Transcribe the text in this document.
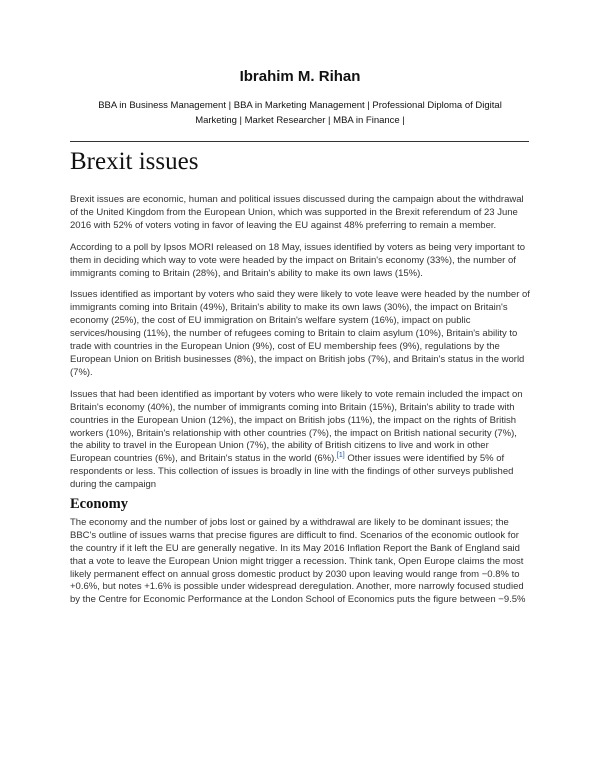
Ibrahim M. Rihan
BBA in Business Management | BBA in Marketing Management | Professional Diploma of Digital Marketing | Market Researcher | MBA in Finance |
Brexit issues

Brexit issues are economic, human and political issues discussed during the campaign about the withdrawal of the United Kingdom from the European Union, which was supported in the Brexit referendum of 23 June 2016 with 52% of voters voting in favor of leaving the EU against 48% preferring to remain a member.

According to a poll by Ipsos MORI released on 18 May, issues identified by voters as being very important to them in deciding which way to vote were headed by the impact on Britain's economy (33%), the number of immigrants coming to Britain (28%), and Britain's ability to make its own laws (15%).

Issues identified as important by voters who said they were likely to vote leave were headed by the number of immigrants coming into Britain (49%), Britain's ability to make its own laws (30%), the impact on Britain's economy (25%), the cost of EU immigration on Britain's welfare system (16%), impact on public services/housing (11%), the number of refugees coming to Britain to claim asylum (10%), Britain's ability to trade with countries in the European Union (9%), cost of EU membership fees (9%), regulations by the European Union on British businesses (8%), the impact on British jobs (7%), and Britain's status in the world (7%).

Issues that had been identified as important by voters who were likely to vote remain included the impact on Britain's economy (40%), the number of immigrants coming into Britain (15%), Britain's ability to trade with countries in the European Union (12%), the impact on British jobs (11%), the impact on the rights of British workers (10%), Britain's relationship with other countries (7%), the impact on British national security (7%), the ability to travel in the European Union (7%), the ability of British citizens to live and work in other European countries (6%), and Britain's status in the world (6%).[1] Other issues were identified by 5% of respondents or less. This collection of issues is broadly in line with the findings of other surveys published during the campaign

Economy

The economy and the number of jobs lost or gained by a withdrawal are likely to be dominant issues; the BBC's outline of issues warns that precise figures are difficult to find. Scenarios of the economic outlook for the country if it left the EU are generally negative. In its May 2016 Inflation Report the Bank of England said that a vote to leave the European Union might trigger a recession. Think tank, Open Europe claims the most likely permanent effect on annual gross domestic product by 2030 upon leaving would range from −0.8% to +0.6%, but notes +1.6% is possible under widespread deregulation. Another, more narrowly focused studied by the Centre for Economic Performance at the London School of Economics puts the figure between −9.5%
